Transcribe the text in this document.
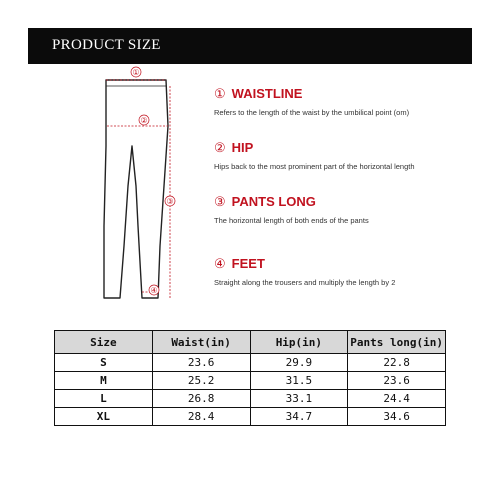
PRODUCT SIZE
①
②
③
④
① WAISTLINE
Refers to the length of the waist by the umbilical point (om)
② HIP
Hips back to the most prominent part of the horizontal length
③ PANTS LONG
The horizontal length of both ends of the pants
④ FEET
Straight along the trousers and multiply the length by 2
Size	Waist(in)	Hip(in)	Pants long(in)
S	23.6	29.9	22.8
M	25.2	31.5	23.6
L	26.8	33.1	24.4
XL	28.4	34.7	34.6
